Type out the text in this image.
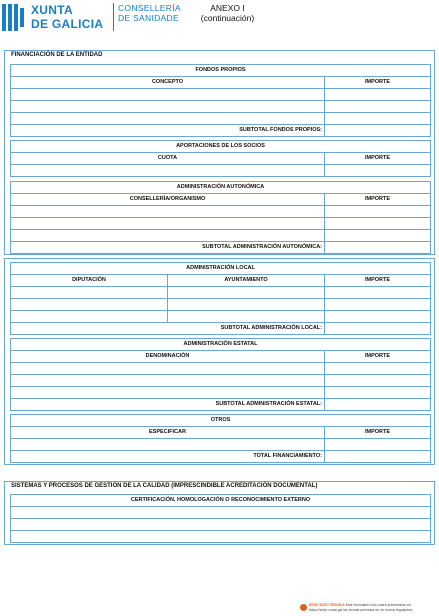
XUNTA
DE GALICIA
CONSELLERÍA
DE SANIDADE
ANEXO I
(continuación)
FINANCIACIÓN DE LA ENTIDAD
FONDOS PROPIOS
CONCEPTO	IMPORTE
SUBTOTAL FONDOS PROPIOS:
APORTACIONES DE LOS SOCIOS
CUOTA	IMPORTE
ADMINISTRACIÓN AUTONÓMICA
CONSELLERÍA/ORGANISMO	IMPORTE
SUBTOTAL ADMINISTRACIÓN AUTONÓMICA:
ADMINISTRACIÓN LOCAL
DIPUTACIÓN	AYUNTAMIENTO	IMPORTE
SUBTOTAL ADMINISTRACIÓN LOCAL:
ADMINISTRACIÓN ESTATAL
DENOMINACIÓN	IMPORTE
SUBTOTAL ADMINISTRACIÓN ESTATAL:
OTROS
ESPECIFICAR	IMPORTE
TOTAL FINANCIAMIENTO:
SISTEMAS Y PROCESOS DE GESTIÓN DE LA CALIDAD (IMPRESCINDIBLE ACREDITACIÓN DOCUMENTAL)
CERTIFICACIÓN, HOMOLOGACIÓN O RECONOCIMIENTO EXTERNO
SEDE ELECTRÓNICA Este formulario sólo podrá presentarse en https://sede.xunta.gal las formas previstas en su norma reguladora
